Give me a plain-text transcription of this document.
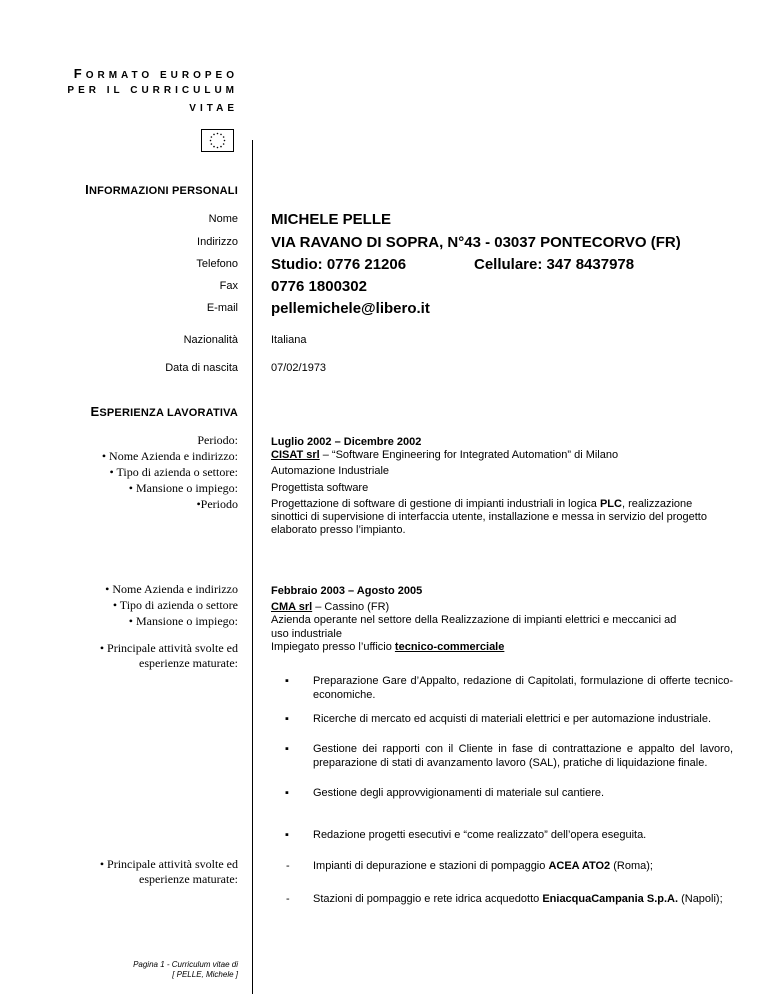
FORMATO EUROPEO
PER IL CURRICULUM
VITAE
INFORMAZIONI PERSONALI
Nome
Indirizzo
Telefono
Fax
E-mail
Nazionalità
Data di nascita
MICHELE PELLE
VIA RAVANO DI SOPRA, N°43 - 03037 PONTECORVO (FR)
Studio: 0776 21206	Cellulare: 347 8437978
0776 1800302
pellemichele@libero.it
Italiana
07/02/1973
ESPERIENZA LAVORATIVA
Periodo:
• Nome Azienda e indirizzo:
• Tipo di azienda o settore:
• Mansione o impiego:
•Periodo
Luglio 2002 – Dicembre 2002
CISAT srl – “Software Engineering for Integrated Automation” di Milano
Automazione Industriale
Progettista software
Progettazione di software di gestione di impianti industriali in logica PLC, realizzazione sinottici di supervisione di interfaccia utente, installazione e messa in servizio del progetto elaborato presso l’impianto.
• Nome Azienda e indirizzo
• Tipo di azienda o settore
• Mansione o impiego:
• Principale attività svolte ed
esperienze maturate:
Febbraio 2003 – Agosto 2005
CMA srl – Cassino (FR)
Azienda operante nel settore della Realizzazione di impianti elettrici e meccanici ad uso industriale
Impiegato presso l’ufficio tecnico-commerciale
▪ Preparazione Gare d’Appalto, redazione di Capitolati, formulazione di offerte tecnico-economiche.
▪ Ricerche di mercato ed acquisti di materiali elettrici e per automazione industriale.
▪ Gestione dei rapporti con il Cliente in fase di contrattazione e appalto del lavoro, preparazione di stati di avanzamento lavoro (SAL), pratiche di liquidazione finale.
▪ Gestione degli approvvigionamenti di materiale sul cantiere.
▪ Redazione progetti esecutivi e “come realizzato” dell’opera eseguita.
• Principale attività svolte ed
esperienze maturate:
- Impianti di depurazione e stazioni di pompaggio ACEA ATO2 (Roma);
- Stazioni di pompaggio e rete idrica acquedotto EniacquaCampania S.p.A. (Napoli);
Pagina 1 - Curriculum vitae di
[ PELLE, Michele ]
